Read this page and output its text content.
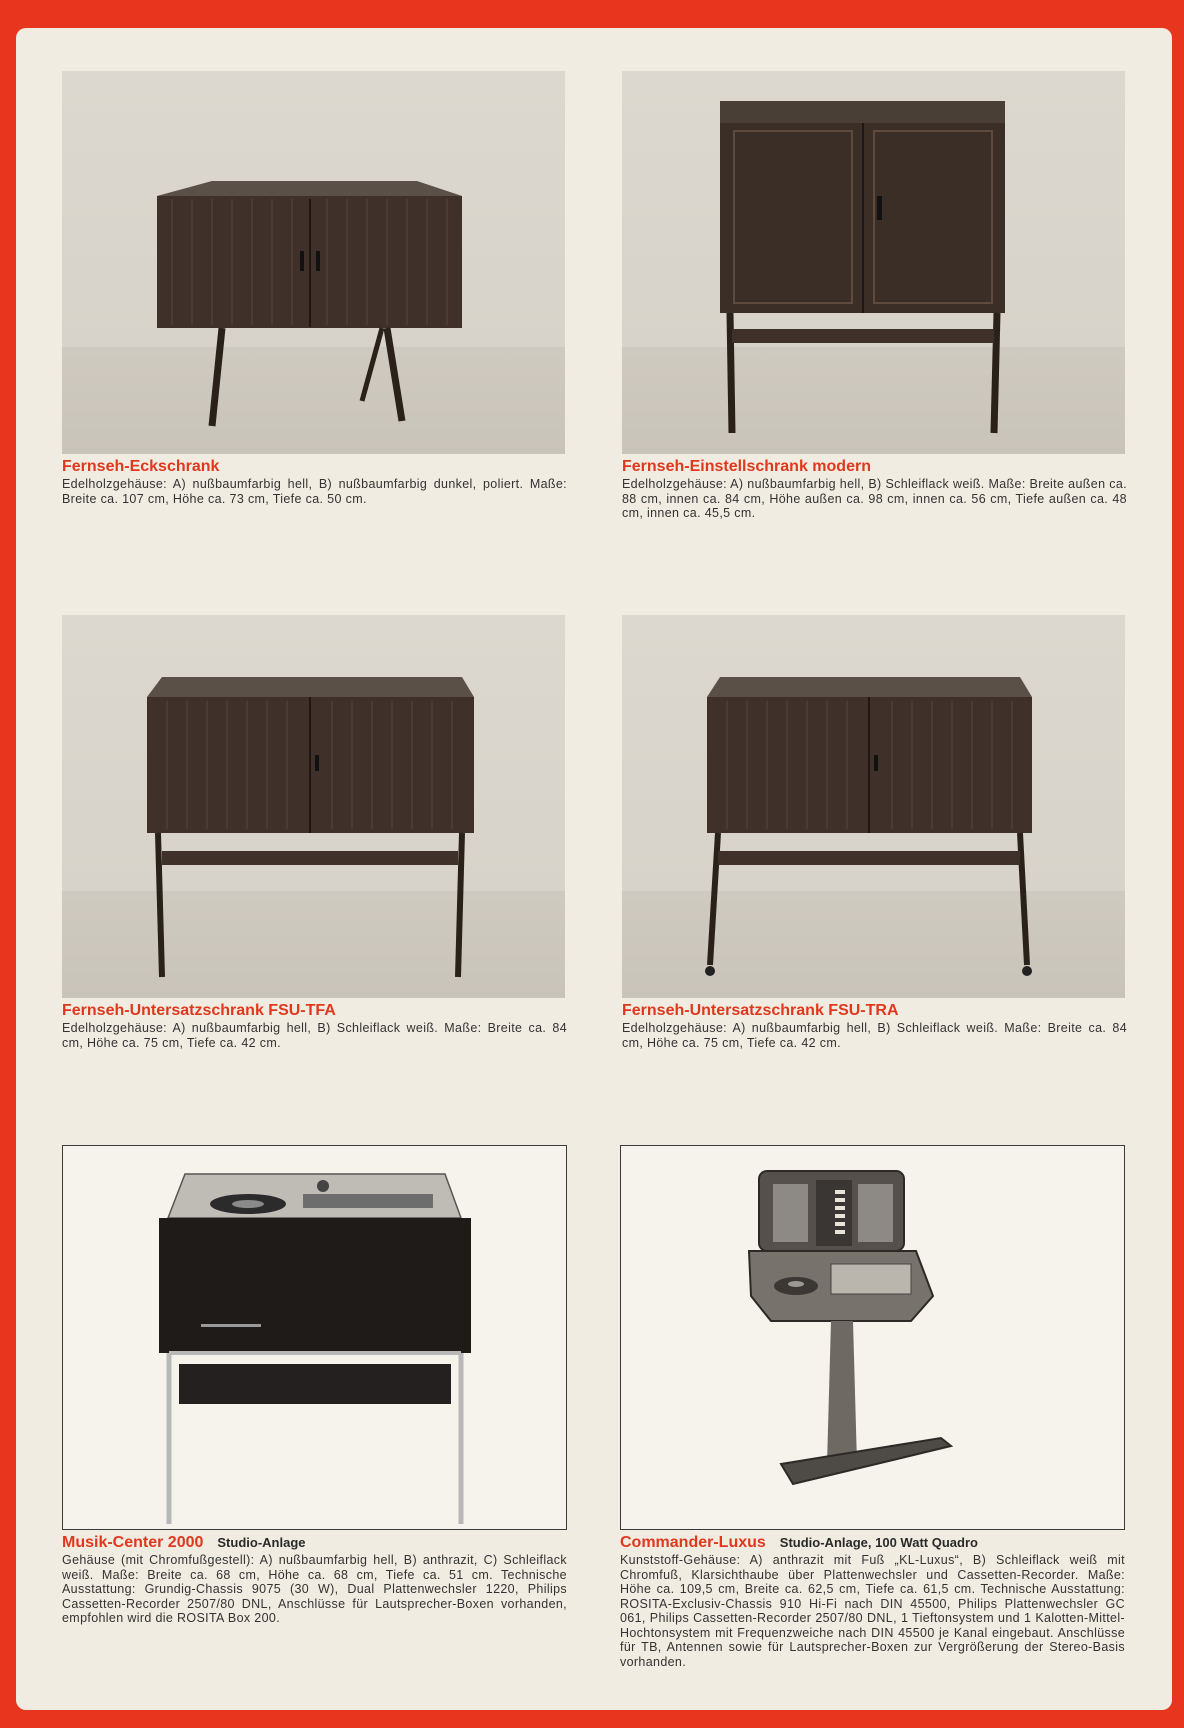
Fernseh-Eckschrank

Edelholzgehäuse: A) nußbaumfarbig hell, B) nußbaumfarbig dunkel, poliert. Maße: Breite ca. 107 cm, Höhe ca. 73 cm, Tiefe ca. 50 cm.

Fernseh-Einstellschrank modern

Edelholzgehäuse: A) nußbaumfarbig hell, B) Schleiflack weiß. Maße: Breite außen ca. 88 cm, innen ca. 84 cm, Höhe außen ca. 98 cm, innen ca. 56 cm, Tiefe außen ca. 48 cm, innen ca. 45,5 cm.

Fernseh-Untersatzschrank FSU-TFA

Edelholzgehäuse: A) nußbaumfarbig hell, B) Schleiflack weiß. Maße: Breite ca. 84 cm, Höhe ca. 75 cm, Tiefe ca. 42 cm.

Fernseh-Untersatzschrank FSU-TRA

Edelholzgehäuse: A) nußbaumfarbig hell, B) Schleiflack weiß. Maße: Breite ca. 84 cm, Höhe ca. 75 cm, Tiefe ca. 42 cm.

Musik-Center 2000 Studio-Anlage

Gehäuse (mit Chromfußgestell): A) nußbaumfarbig hell, B) anthrazit, C) Schleiflack weiß. Maße: Breite ca. 68 cm, Höhe ca. 68 cm, Tiefe ca. 51 cm. Technische Ausstattung: Grundig-Chassis 9075 (30 W), Dual Plattenwechsler 1220, Philips Cassetten-Recorder 2507/80 DNL, Anschlüsse für Lautsprecher-Boxen vorhanden, empfohlen wird die ROSITA Box 200.

Commander-Luxus Studio-Anlage, 100 Watt Quadro

Kunststoff-Gehäuse: A) anthrazit mit Fuß „KL-Luxus“, B) Schleiflack weiß mit Chromfuß, Klarsichthaube über Plattenwechsler und Cassetten-Recorder. Maße: Höhe ca. 109,5 cm, Breite ca. 62,5 cm, Tiefe ca. 61,5 cm. Technische Ausstattung: ROSITA-Exclusiv-Chassis 910 Hi-Fi nach DIN 45500, Philips Plattenwechsler GC 061, Philips Cassetten-Recorder 2507/80 DNL, 1 Tieftonsystem und 1 Kalotten-Mittel-Hochtonsystem mit Frequenzweiche nach DIN 45500 je Kanal eingebaut. Anschlüsse für TB, Antennen sowie für Lautsprecher-Boxen zur Vergrößerung der Stereo-Basis vorhanden.
